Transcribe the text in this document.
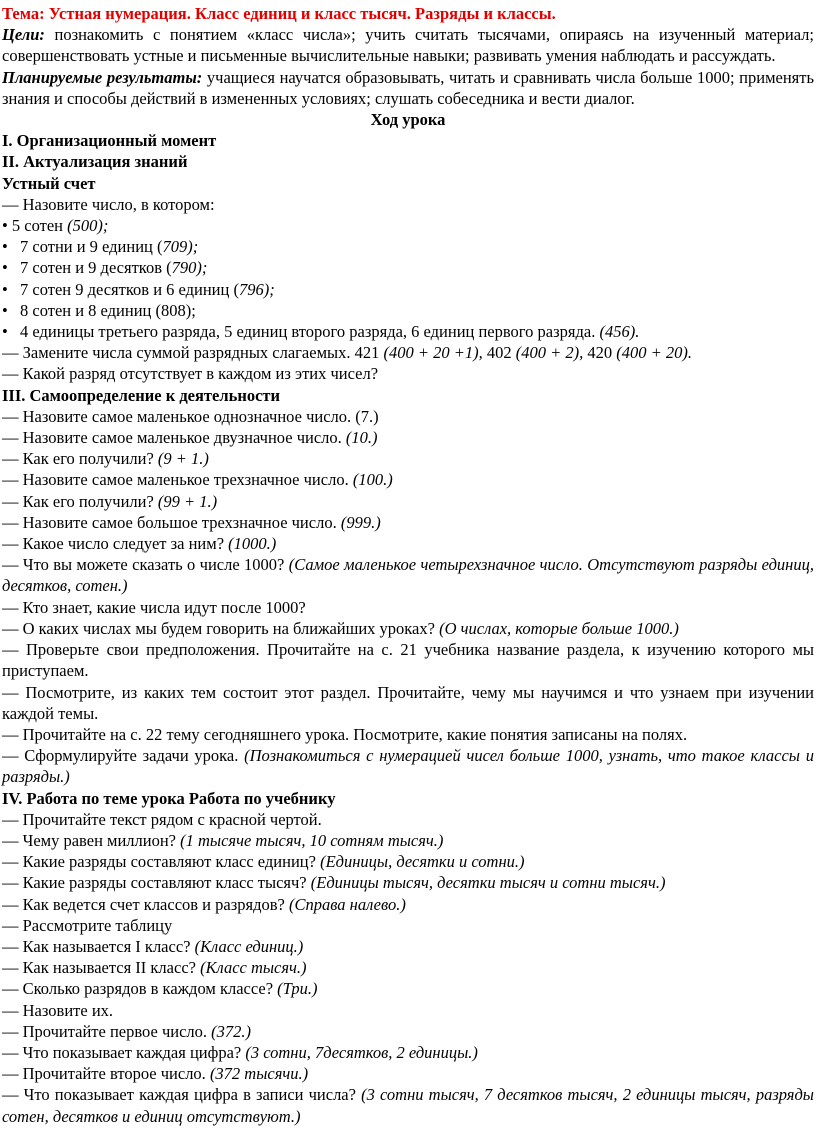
Тема: Устная нумерация. Класс единиц и класс тысяч. Разряды и классы.

Цели: познакомить с понятием «класс числа»; учить считать тысячами, опираясь на изученный материал; совершенствовать устные и письменные вычислительные навыки; развивать умения наблюдать и рассуждать.

Планируемые результаты: учащиеся научатся образовывать, читать и сравнивать числа больше 1000; применять знания и способы действий в измененных условиях; слушать собеседника и вести диалог.

Ход урока

I. Организационный момент

II. Актуализация знаний

Устный счет

— Назовите число, в котором:

• 5 сотен (500);

• 7 сотни и 9 единиц (709);

• 7 сотен и 9 десятков (790);

• 7 сотен 9 десятков и 6 единиц (796);

• 8 сотен и 8 единиц (808);

• 4 единицы третьего разряда, 5 единиц второго разряда, 6 единиц первого разряда. (456).

— Замените числа суммой разрядных слагаемых. 421 (400 + 20 +1), 402 (400 + 2), 420 (400 + 20).

— Какой разряд отсутствует в каждом из этих чисел?

III. Самоопределение к деятельности

— Назовите самое маленькое однозначное число. (7.)

— Назовите самое маленькое двузначное число. (10.)

— Как его получили? (9 + 1.)

— Назовите самое маленькое трехзначное число. (100.)

— Как его получили? (99 + 1.)

— Назовите самое большое трехзначное число. (999.)

— Какое число следует за ним? (1000.)

— Что вы можете сказать о числе 1000? (Самое маленькое четырехзначное число. Отсутствуют разряды единиц, десятков, сотен.)

— Кто знает, какие числа идут после 1000?

— О каких числах мы будем говорить на ближайших уроках? (О числах, которые больше 1000.)

— Проверьте свои предположения. Прочитайте на с. 21 учебника название раздела, к изучению которого мы приступаем.

— Посмотрите, из каких тем состоит этот раздел. Прочитайте, чему мы научимся и что узнаем при изучении каждой темы.

— Прочитайте на с. 22 тему сегодняшнего урока. Посмотрите, какие понятия записаны на полях.

— Сформулируйте задачи урока. (Познакомиться с нумерацией чисел больше 1000, узнать, что такое классы и разряды.)

IV. Работа по теме урока Работа по учебнику

— Прочитайте текст рядом с красной чертой.

— Чему равен миллион? (1 тысяче тысяч, 10 сотням тысяч.)

— Какие разряды составляют класс единиц? (Единицы, десятки и сотни.)

— Какие разряды составляют класс тысяч? (Единицы тысяч, десятки тысяч и сотни тысяч.)

— Как ведется счет классов и разрядов? (Справа налево.)

— Рассмотрите таблицу

— Как называется I класс? (Класс единиц.)

— Как называется II класс? (Класс тысяч.)

— Сколько разрядов в каждом классе? (Три.)

— Назовите их.

— Прочитайте первое число. (372.)

— Что показывает каждая цифра? (3 сотни, 7десятков, 2 единицы.)

— Прочитайте второе число. (372 тысячи.)

— Что показывает каждая цифра в записи числа? (3 сотни тысяч, 7 десятков тысяч, 2 единицы тысяч, разряды сотен, десятков и единиц отсутствуют.)
